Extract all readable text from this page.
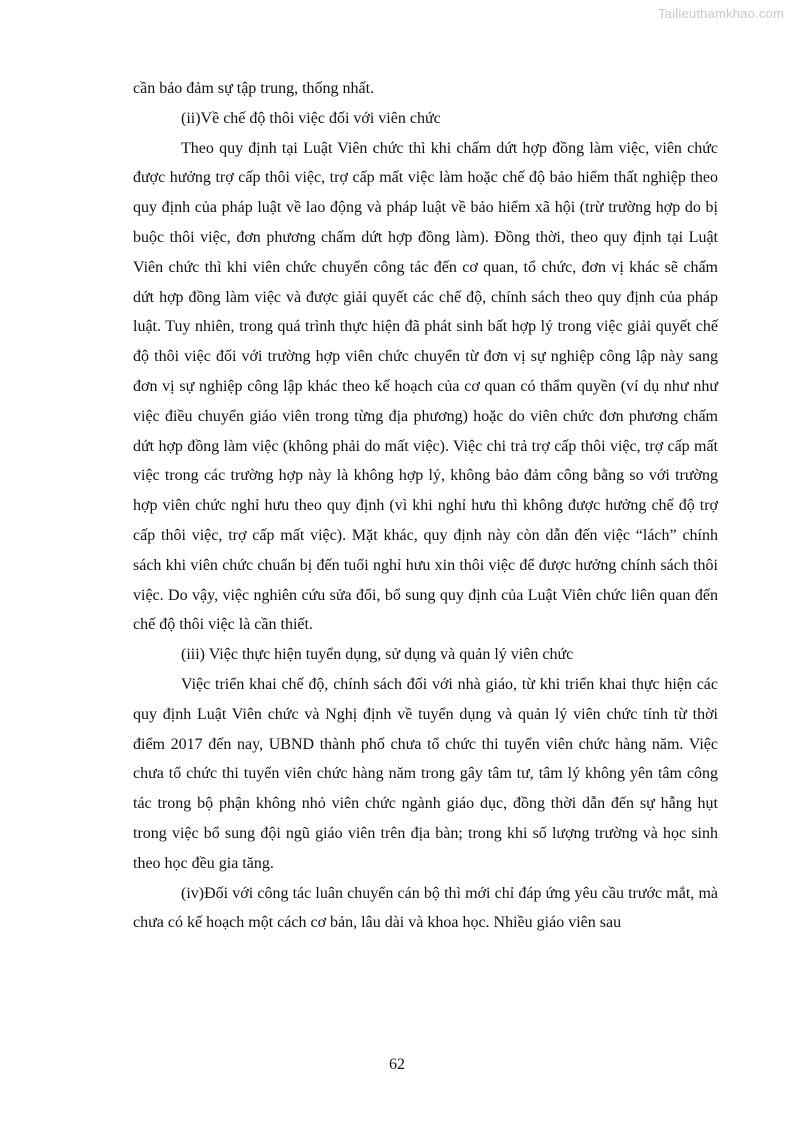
Tailieuthamkhao.com

cần bảo đảm sự tập trung, thống nhất.

(ii)Về chế độ thôi việc đối với viên chức

Theo quy định tại Luật Viên chức thì khi chấm dứt hợp đồng làm việc, viên chức được hưởng trợ cấp thôi việc, trợ cấp mất việc làm hoặc chế độ bảo hiểm thất nghiệp theo quy định của pháp luật về lao động và pháp luật về bảo hiểm xã hội (trừ trường hợp do bị buộc thôi việc, đơn phương chấm dứt hợp đồng làm). Đồng thời, theo quy định tại Luật Viên chức thì khi viên chức chuyển công tác đến cơ quan, tổ chức, đơn vị khác sẽ chấm dứt hợp đồng làm việc và được giải quyết các chế độ, chính sách theo quy định của pháp luật. Tuy nhiên, trong quá trình thực hiện đã phát sinh bất hợp lý trong việc giải quyết chế độ thôi việc đối với trường hợp viên chức chuyển từ đơn vị sự nghiệp công lập này sang đơn vị sự nghiệp công lập khác theo kế hoạch của cơ quan có thẩm quyền (ví dụ như như việc điều chuyển giáo viên trong từng địa phương) hoặc do viên chức đơn phương chấm dứt hợp đồng làm việc (không phải do mất việc). Việc chi trả trợ cấp thôi việc, trợ cấp mất việc trong các trường hợp này là không hợp lý, không bảo đảm công bằng so với trường hợp viên chức nghỉ hưu theo quy định (vì khi nghỉ hưu thì không được hưởng chế độ trợ cấp thôi việc, trợ cấp mất việc). Mặt khác, quy định này còn dẫn đến việc “lách” chính sách khi viên chức chuẩn bị đến tuổi nghỉ hưu xin thôi việc để được hưởng chính sách thôi việc. Do vậy, việc nghiên cứu sửa đổi, bổ sung quy định của Luật Viên chức liên quan đến chế độ thôi việc là cần thiết.

(iii) Việc thực hiện tuyển dụng, sử dụng và quản lý viên chức

Việc triển khai chế độ, chính sách đối với nhà giáo, từ khi triển khai thực hiện các quy định Luật Viên chức và Nghị định về tuyển dụng và quản lý viên chức tính từ thời điểm 2017 đến nay, UBND thành phố chưa tổ chức thi tuyển viên chức hàng năm. Việc chưa tổ chức thi tuyển viên chức hàng năm trong gây tâm tư, tâm lý không yên tâm công tác trong bộ phận không nhỏ viên chức ngành giáo dục, đồng thời dẫn đến sự hẫng hụt trong việc bổ sung đội ngũ giáo viên trên địa bàn; trong khi số lượng trường và học sinh theo học đều gia tăng.

(iv)Đối với công tác luân chuyển cán bộ thì mới chỉ đáp ứng yêu cầu trước mắt, mà chưa có kế hoạch một cách cơ bản, lâu dài và khoa học. Nhiều giáo viên sau

62
